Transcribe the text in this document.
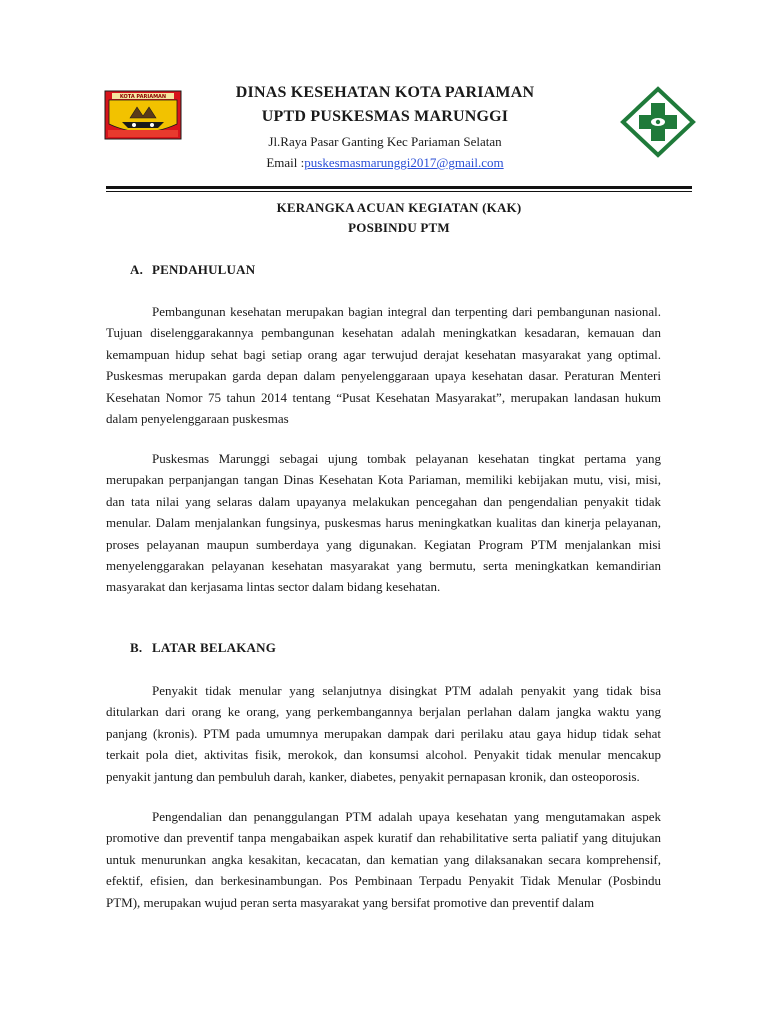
KOTA PARIAMAN	DINAS KESEHATAN KOTA PARIAMAN
UPTD PUSKESMAS MARUNGGI
Jl.Raya Pasar Ganting Kec Pariaman Selatan
Email :puskesmasmarunggi2017@gmail.com
KERANGKA ACUAN KEGIATAN (KAK)
POSBINDU PTM
A. PENDAHULUAN

Pembangunan kesehatan merupakan bagian integral dan terpenting dari pembangunan nasional. Tujuan diselenggarakannya pembangunan kesehatan adalah meningkatkan kesadaran, kemauan dan kemampuan hidup sehat bagi setiap orang agar terwujud derajat kesehatan masyarakat yang optimal. Puskesmas merupakan garda depan dalam penyelenggaraan upaya kesehatan dasar. Peraturan Menteri Kesehatan Nomor 75 tahun 2014 tentang “Pusat Kesehatan Masyarakat”, merupakan landasan hukum dalam penyelenggaraan puskesmas

Puskesmas Marunggi sebagai ujung tombak pelayanan kesehatan tingkat pertama yang merupakan perpanjangan tangan Dinas Kesehatan Kota Pariaman, memiliki kebijakan mutu, visi, misi, dan tata nilai yang selaras dalam upayanya melakukan pencegahan dan pengendalian penyakit tidak menular. Dalam menjalankan fungsinya, puskesmas harus meningkatkan kualitas dan kinerja pelayanan, proses pelayanan maupun sumberdaya yang digunakan. Kegiatan Program PTM menjalankan misi menyelenggarakan pelayanan kesehatan masyarakat yang bermutu, serta meningkatkan kemandirian masyarakat dan kerjasama lintas sector dalam bidang kesehatan.

B. LATAR BELAKANG

Penyakit tidak menular yang selanjutnya disingkat PTM adalah penyakit yang tidak bisa ditularkan dari orang ke orang, yang perkembangannya berjalan perlahan dalam jangka waktu yang panjang (kronis). PTM pada umumnya merupakan dampak dari perilaku atau gaya hidup tidak sehat terkait pola diet, aktivitas fisik, merokok, dan konsumsi alcohol. Penyakit tidak menular mencakup penyakit jantung dan pembuluh darah, kanker, diabetes, penyakit pernapasan kronik, dan osteoporosis.

Pengendalian dan penanggulangan PTM adalah upaya kesehatan yang mengutamakan aspek promotive dan preventif tanpa mengabaikan aspek kuratif dan rehabilitative serta paliatif yang ditujukan untuk menurunkan angka kesakitan, kecacatan, dan kematian yang dilaksanakan secara komprehensif, efektif, efisien, dan berkesinambungan. Pos Pembinaan Terpadu Penyakit Tidak Menular (Posbindu PTM), merupakan wujud peran serta masyarakat yang bersifat promotive dan preventif dalam
